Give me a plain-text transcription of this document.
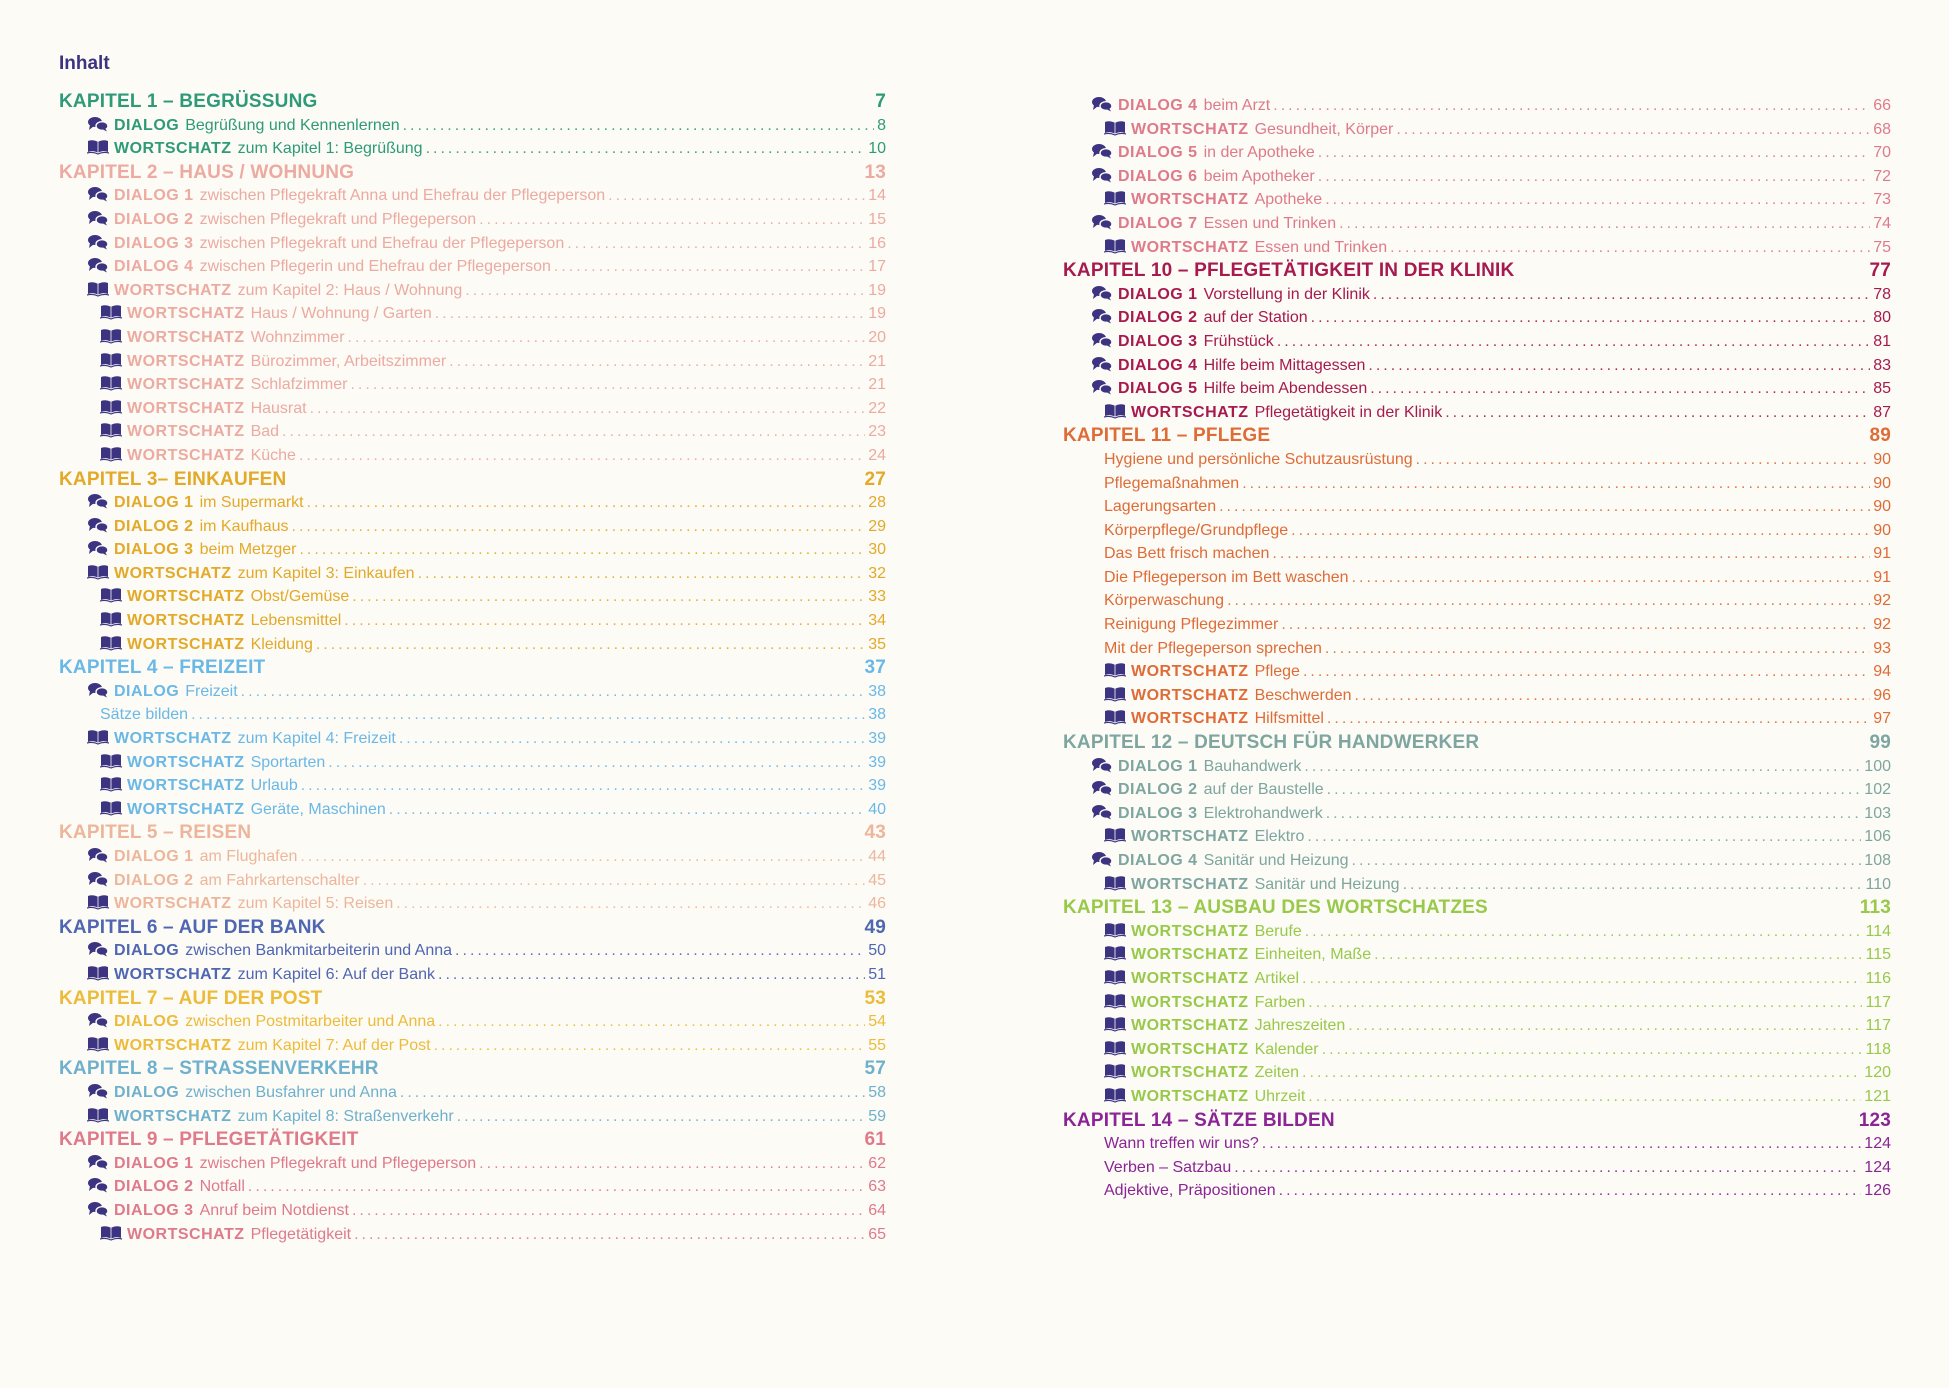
Inhalt
KAPITEL 1 – BEGRÜSSUNG	7
DIALOG Begrüßung und Kennenlernen .....	8
WORTSCHATZ zum Kapitel 1: Begrüßung .....	10
KAPITEL 2 – HAUS / WOHNUNG	13
DIALOG 1 zwischen Pflegekraft Anna und Ehefrau der Pflegeperson .....	14
DIALOG 2 zwischen Pflegekraft und Pflegeperson .....	15
DIALOG 3 zwischen Pflegekraft und Ehefrau der Pflegeperson .....	16
DIALOG 4 zwischen Pflegerin und Ehefrau der Pflegeperson .....	17
WORTSCHATZ zum Kapitel 2: Haus / Wohnung .....	19
WORTSCHATZ Haus / Wohnung / Garten .....	19
WORTSCHATZ Wohnzimmer .....	20
WORTSCHATZ Bürozimmer, Arbeitszimmer .....	21
WORTSCHATZ Schlafzimmer .....	21
WORTSCHATZ Hausrat .....	22
WORTSCHATZ Bad .....	23
WORTSCHATZ Küche .....	24
KAPITEL 3– EINKAUFEN	27
DIALOG 1 im Supermarkt .....	28
DIALOG 2 im Kaufhaus .....	29
DIALOG 3 beim Metzger .....	30
WORTSCHATZ zum Kapitel 3: Einkaufen .....	32
WORTSCHATZ Obst/Gemüse .....	33
WORTSCHATZ Lebensmittel .....	34
WORTSCHATZ Kleidung .....	35
KAPITEL 4 – FREIZEIT	37
DIALOG Freizeit .....	38
Sätze bilden .....	38
WORTSCHATZ zum Kapitel 4: Freizeit .....	39
WORTSCHATZ Sportarten .....	39
WORTSCHATZ Urlaub .....	39
WORTSCHATZ Geräte, Maschinen .....	40
KAPITEL 5 – REISEN	43
DIALOG 1 am Flughafen .....	44
DIALOG 2 am Fahrkartenschalter .....	45
WORTSCHATZ zum Kapitel 5: Reisen .....	46
KAPITEL 6 – AUF DER BANK	49
DIALOG zwischen Bankmitarbeiterin und Anna .....	50
WORTSCHATZ zum Kapitel 6: Auf der Bank .....	51
KAPITEL 7 – AUF DER POST	53
DIALOG zwischen Postmitarbeiter und Anna .....	54
WORTSCHATZ zum Kapitel 7: Auf der Post .....	55
KAPITEL 8 – STRASSENVERKEHR	57
DIALOG zwischen Busfahrer und Anna .....	58
WORTSCHATZ zum Kapitel 8: Straßenverkehr .....	59
KAPITEL 9 – PFLEGETÄTIGKEIT	61
DIALOG 1 zwischen Pflegekraft und Pflegeperson .....	62
DIALOG 2 Notfall .....	63
DIALOG 3 Anruf beim Notdienst .....	64
WORTSCHATZ Pflegetätigkeit .....	65
DIALOG 4 beim Arzt .....	66
WORTSCHATZ Gesundheit, Körper .....	68
DIALOG 5 in der Apotheke .....	70
DIALOG 6 beim Apotheker .....	72
WORTSCHATZ Apotheke .....	73
DIALOG 7 Essen und Trinken .....	74
WORTSCHATZ Essen und Trinken .....	75
KAPITEL 10 – PFLEGETÄTIGKEIT IN DER KLINIK	77
DIALOG 1 Vorstellung in der Klinik .....	78
DIALOG 2 auf der Station .....	80
DIALOG 3 Frühstück .....	81
DIALOG 4 Hilfe beim Mittagessen .....	83
DIALOG 5 Hilfe beim Abendessen .....	85
WORTSCHATZ Pflegetätigkeit in der Klinik .....	87
KAPITEL 11 – PFLEGE	89
Hygiene und persönliche Schutzausrüstung .....	90
Pflegemaßnahmen .....	90
Lagerungsarten .....	90
Körperpflege/Grundpflege .....	90
Das Bett frisch machen .....	91
Die Pflegeperson im Bett waschen .....	91
Körperwaschung .....	92
Reinigung Pflegezimmer .....	92
Mit der Pflegeperson sprechen .....	93
WORTSCHATZ Pflege .....	94
WORTSCHATZ Beschwerden .....	96
WORTSCHATZ Hilfsmittel .....	97
KAPITEL 12 – DEUTSCH FÜR HANDWERKER	99
DIALOG 1 Bauhandwerk .....	100
DIALOG 2 auf der Baustelle .....	102
DIALOG 3 Elektrohandwerk .....	103
WORTSCHATZ Elektro .....	106
DIALOG 4 Sanitär und Heizung .....	108
WORTSCHATZ Sanitär und Heizung .....	110
KAPITEL 13 – AUSBAU DES WORTSCHATZES	113
WORTSCHATZ Berufe .....	114
WORTSCHATZ Einheiten, Maße .....	115
WORTSCHATZ Artikel .....	116
WORTSCHATZ Farben .....	117
WORTSCHATZ Jahreszeiten .....	117
WORTSCHATZ Kalender .....	118
WORTSCHATZ Zeiten .....	120
WORTSCHATZ Uhrzeit .....	121
KAPITEL 14 – SÄTZE BILDEN	123
Wann treffen wir uns? .....	124
Verben – Satzbau .....	124
Adjektive, Präpositionen .....	126
